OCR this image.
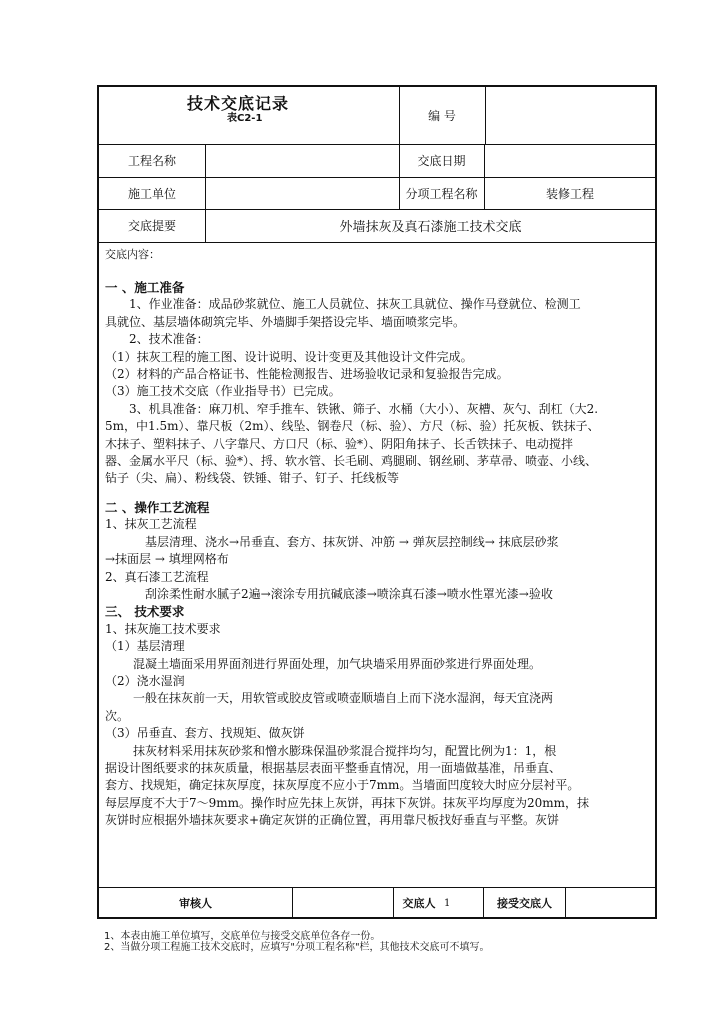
技术交底记录
表C2-1	编 号
工程名称	交底日期
施工单位	分项工程名称	装修工程
交底提要	外墙抹灰及真石漆施工技术交底
交底内容：

一 、施工准备

1、作业准备：成品砂浆就位、施工人员就位、抹灰工具就位、操作马登就位、检测工

具就位、基层墙体砌筑完毕、外墙脚手架搭设完毕、墙面喷浆完毕。

2、技术准备：

（1）抹灰工程的施工图、设计说明、设计变更及其他设计文件完成。

（2）材料的产品合格证书、性能检测报告、进场验收记录和复验报告完成。

（3）施工技术交底（作业指导书）已完成。

3、机具准备：麻刀机、窄手推车、铁锹、筛子、水桶（大小）、灰槽、灰勺、刮杠（大2.

5m，中1.5m）、靠尺板（2m）、线坠、钢卷尺（标、验）、方尺（标、验）托灰板、铁抹子、

木抹子、塑料抹子、八字靠尺、方口尺（标、验*）、阴阳角抹子、长舌铁抹子、电动搅拌

器、金属水平尺（标、验*）、捋、软水管、长毛刷、鸡腿刷、钢丝刷、茅草帚、喷壶、小线、

钻子（尖、扁）、粉线袋、铁锤、钳子、钉子、托线板等

二 、操作工艺流程

1、抹灰工艺流程

基层清理、浇水→吊垂直、套方、抹灰饼、冲筋 → 弹灰层控制线→ 抹底层砂浆

→抹面层 → 填埋网格布

2、真石漆工艺流程

刮涂柔性耐水腻子2遍→滚涂专用抗碱底漆→喷涂真石漆→喷水性罩光漆→验收

三、 技术要求

1、抹灰施工技术要求

（1）基层清理

混凝土墙面采用界面剂进行界面处理，加气块墙采用界面砂浆进行界面处理。

（2）浇水湿润

一般在抹灰前一天，用软管或胶皮管或喷壶顺墙自上而下浇水湿润，每天宜浇两

次。

（3）吊垂直、套方、找规矩、做灰饼

抹灰材料采用抹灰砂浆和憎水膨珠保温砂浆混合搅拌均匀，配置比例为1：1，根

据设计图纸要求的抹灰质量，根据基层表面平整垂直情况，用一面墙做基准，吊垂直、

套方、找规矩，确定抹灰厚度，抹灰厚度不应小于7mm。当墙面凹度较大时应分层衬平。

每层厚度不大于7～9mm。操作时应先抹上灰饼，再抹下灰饼。抹灰平均厚度为20mm，抹

灰饼时应根据外墙抹灰要求+确定灰饼的正确位置，再用靠尺板找好垂直与平整。灰饼

审核人	交底人 1	接受交底人
1、本表由施工单位填写，交底单位与接受交底单位各存一份。
2、当做分项工程施工技术交底时，应填写"分项工程名称"栏，其他技术交底可不填写。
